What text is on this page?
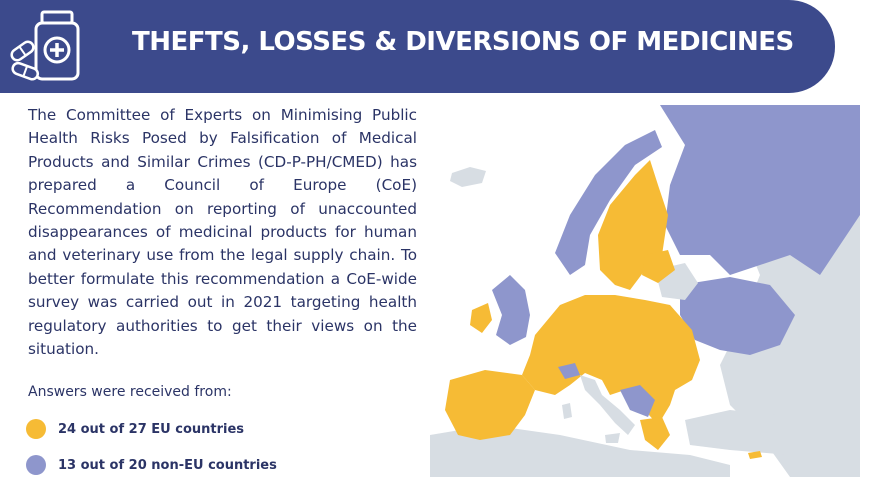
THEFTS, LOSSES & DIVERSIONS OF MEDICINES
The Committee of Experts on Minimising Public Health Risks Posed by Falsification of Medical Products and Similar Crimes (CD-P-PH/CMED) has prepared a Council of Europe (CoE) Recommendation on reporting of unaccounted disappearances of medicinal products for human and veterinary use from the legal supply chain. To better formulate this recommendation a CoE-wide survey was carried out in 2021 targeting health regulatory authorities to get their views on the situation.
Answers were received from:
24 out of 27 EU countries
13 out of 20 non-EU countries
